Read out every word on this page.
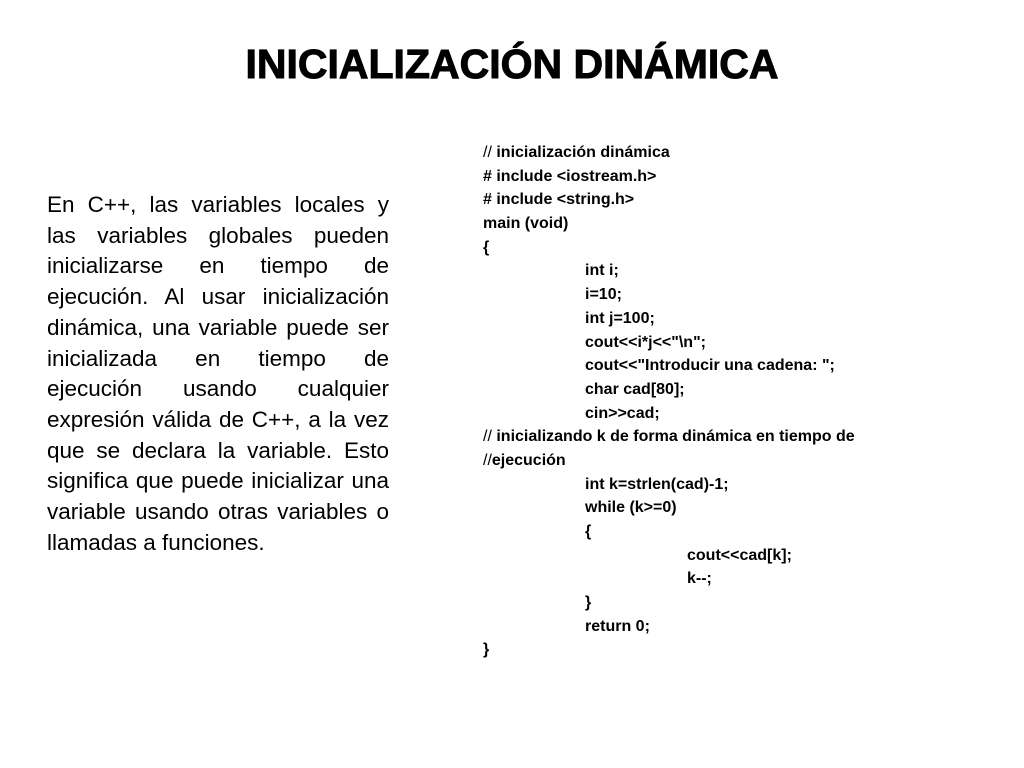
INICIALIZACIÓN DINÁMICA

En C++, las variables locales y las variables globales pueden inicializarse en tiempo de ejecución. Al usar inicialización dinámica, una variable puede ser inicializada en tiempo de ejecución usando cualquier expresión válida de C++, a la vez que se declara la variable. Esto significa que puede inicializar una variable usando otras variables o llamadas a funciones.

// inicialización dinámica
# include <iostream.h>
# include <string.h>
main (void)
{
int i;
i=10;
int j=100;
cout<<i*j<<"\n";
cout<<"Introducir una cadena: ";
char cad[80];
cin>>cad;
// inicializando k de forma dinámica en tiempo de
//ejecución
int k=strlen(cad)-1;
while (k>=0)
{
cout<<cad[k];
k--;
}
return 0;
}
